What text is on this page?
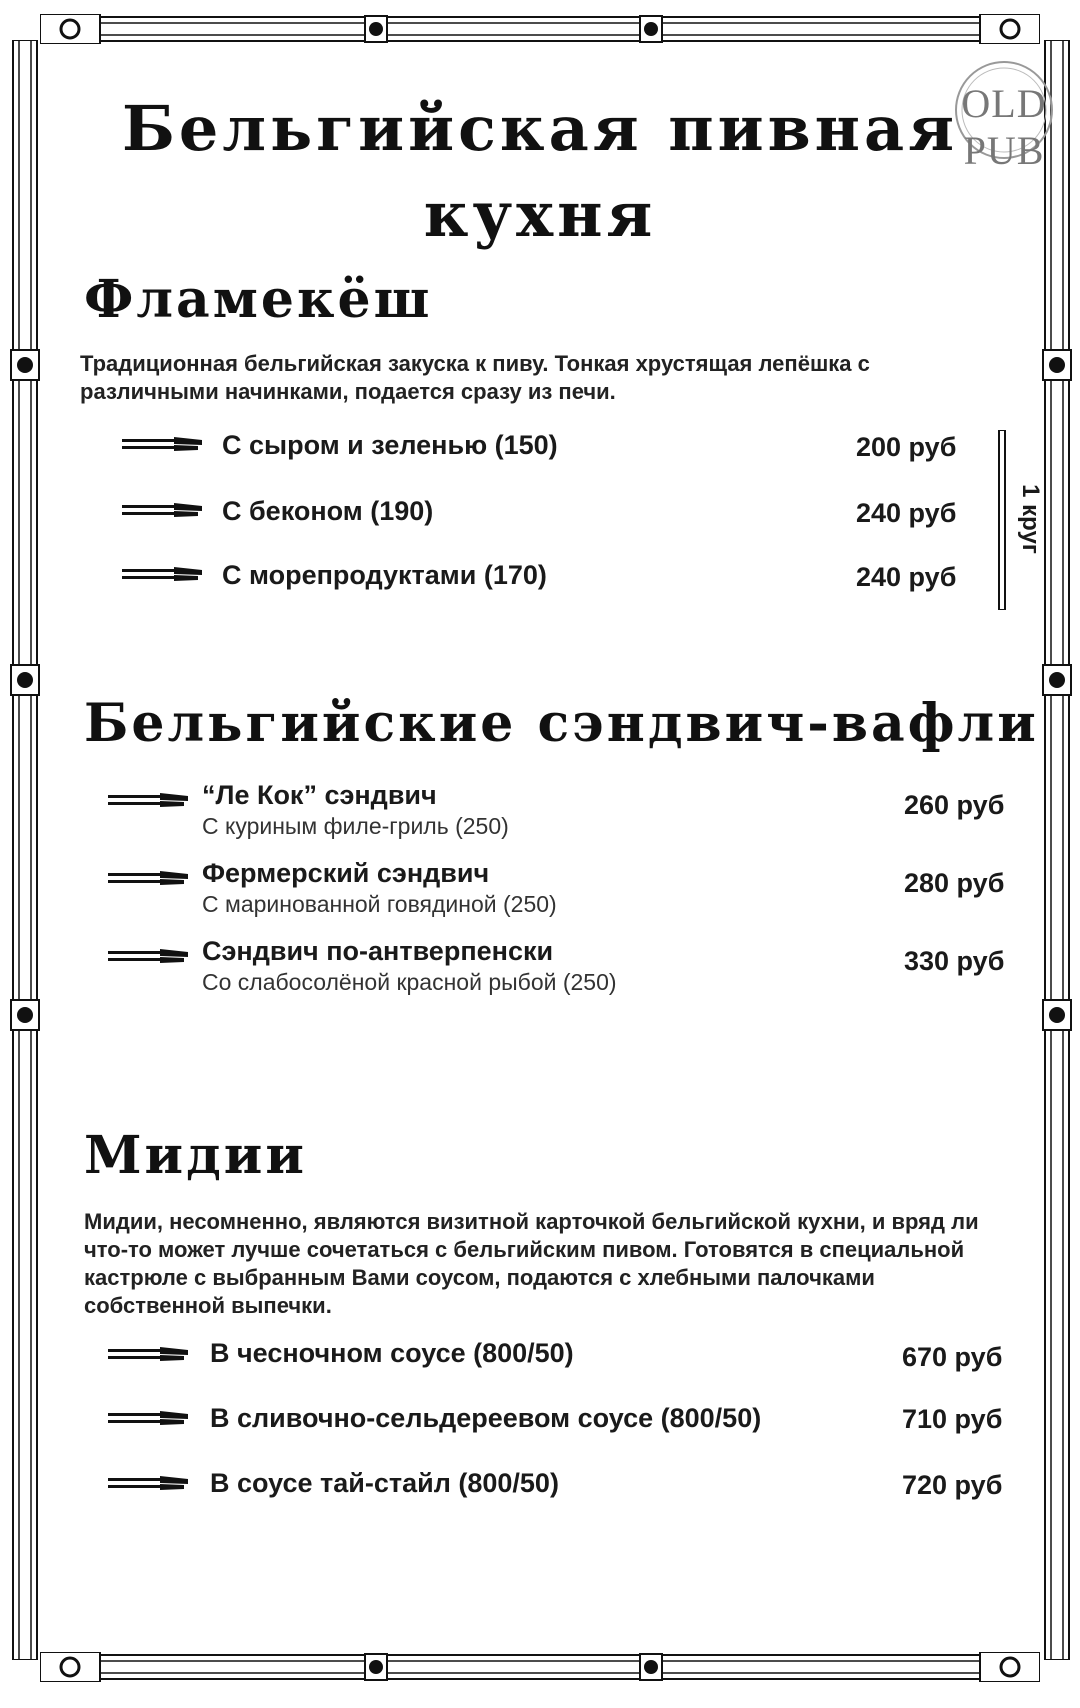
OLD PUB
Бельгийская пивная кухня
Фламекёш
Традиционная бельгийская закуска к пиву. Тонкая хрустящая лепёшка с различными начинками, подается сразу из печи.
С сыром и зеленью (150)	200 руб
С беконом (190)	240 руб
С морепродуктами (170)	240 руб
1 круг
Бельгийские сэндвич-вафли
“Ле Кок” сэндвич
С куриным филе-гриль (250)
260 руб
Фермерский сэндвич
С маринованной говядиной (250)
280 руб
Сэндвич по-антверпенски
Со слабосолёной красной рыбой (250)
330 руб
Мидии
Мидии, несомненно, являются визитной карточкой бельгийской кухни, и вряд ли что-то может лучше сочетаться с бельгийским пивом. Готовятся в специальной кастрюле с выбранным Вами соусом, подаются с хлебными палочками собственной выпечки.
В чесночном соусе (800/50)	670 руб
В сливочно-сельдерeевом соусе (800/50)	710 руб
В соусе тай-стайл (800/50)	720 руб
